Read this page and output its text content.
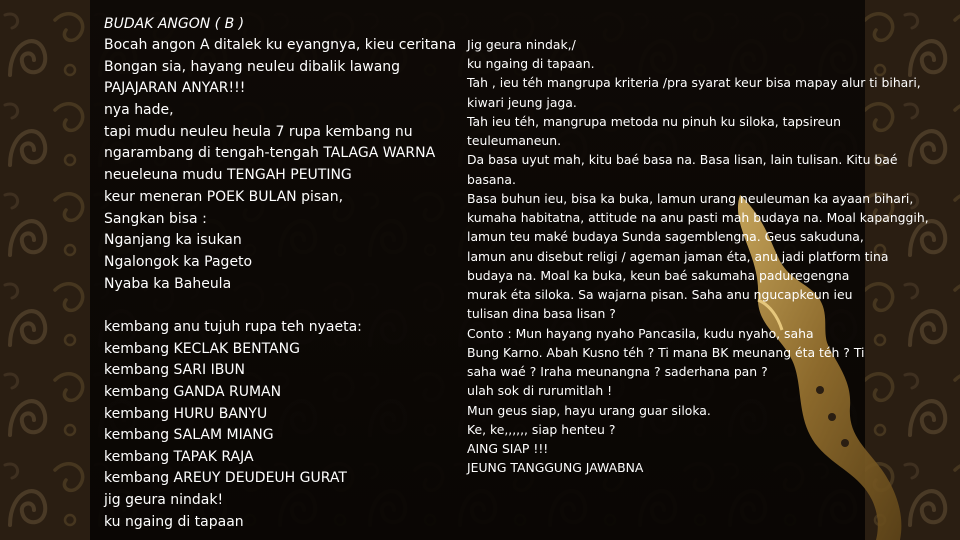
BUDAK ANGON ( B )
Bocah angon A ditalek ku eyangnya, kieu ceritana
Bongan sia, hayang neuleu dibalik lawang
PAJAJARAN ANYAR!!!
nya hade,
tapi mudu neuleu heula 7 rupa kembang nu
ngarambang di tengah-tengah TALAGA WARNA
neueleuna mudu TENGAH PEUTING
keur meneran POEK BULAN pisan,
Sangkan bisa :
Nganjang ka isukan
Ngalongok ka Pageto
Nyaba ka Baheula
kembang anu tujuh rupa teh nyaeta:
kembang KECLAK BENTANG
kembang SARI IBUN
kembang GANDA RUMAN
kembang HURU BANYU
kembang SALAM MIANG
kembang TAPAK RAJA
kembang AREUY DEUDEUH GURAT
jig geura nindak!
ku ngaing di tapaan
Jig geura nindak,/
ku ngaing di tapaan.
Tah , ieu téh mangrupa kriteria /pra syarat keur bisa mapay alur ti bihari,
kiwari jeung jaga.
Tah ieu téh, mangrupa metoda nu pinuh ku siloka, tapsireun
teuleumaneun.
Da basa uyut mah, kitu baé basa na. Basa lisan, lain tulisan. Kitu baé
basana.
Basa buhun ieu, bisa ka buka, lamun urang neuleuman ka ayaan bihari,
kumaha habitatna, attitude na anu pasti mah budaya na. Moal kapanggih,
lamun teu maké budaya Sunda sagemblengna. Geus sakuduna,
lamun anu disebut religi / ageman jaman éta, anu jadi platform tina
budaya na. Moal ka buka, keun baé sakumaha paduregengna
murak éta siloka. Sa wajarna pisan. Saha anu ngucapkeun ieu
tulisan dina basa lisan ?
Conto : Mun hayang nyaho Pancasila, kudu nyaho, saha
Bung Karno. Abah Kusno téh ? Ti mana BK meunang éta téh ? Ti
saha waé ? Iraha meunangna ? saderhana pan ?
ulah sok di rurumitlah !
Mun geus siap, hayu urang guar siloka.
Ke, ke,,,,,, siap henteu ?
AING SIAP !!!
JEUNG TANGGUNG JAWABNA
